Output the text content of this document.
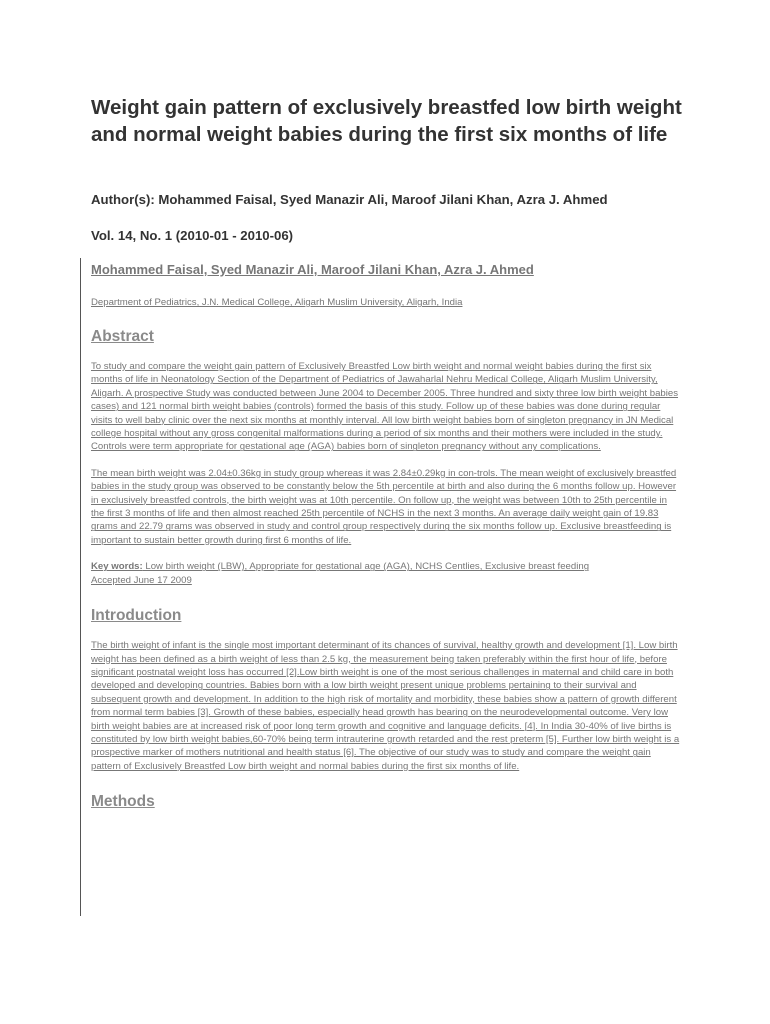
Weight gain pattern of exclusively breastfed low birth weight and normal weight babies during the first six months of life

Author(s): Mohammed Faisal, Syed Manazir Ali, Maroof Jilani Khan, Azra J. Ahmed

Vol. 14, No. 1 (2010-01 - 2010-06)

Mohammed Faisal, Syed Manazir Ali, Maroof Jilani Khan, Azra J. Ahmed
Department of Pediatrics, J.N. Medical College, Aligarh Muslim University, Aligarh, India
Abstract

To study and compare the weight gain pattern of Exclusively Breastfed Low birth weight and normal weight babies during the first six months of life in Neonatology Section of the Department of Pediatrics of Jawaharlal Nehru Medical College, Aligarh Muslim University, Aligarh. A prospective Study was conducted between June 2004 to December 2005. Three hundred and sixty three low birth weight babies cases) and 121 normal birth weight babies (controls) formed the basis of this study. Follow up of these babies was done during regular visits to well baby clinic over the next six months at monthly interval. All low birth weight babies born of singleton pregnancy in JN Medical college hospital without any gross congenital malformations during a period of six months and their mothers were included in the study. Controls were term appropriate for gestational age (AGA) babies born of singleton pregnancy without any complications.

The mean birth weight was 2.04±0.36kg in study group whereas it was 2.84±0.29kg in con-trols. The mean weight of exclusively breastfed babies in the study group was observed to be constantly below the 5th percentile at birth and also during the 6 months follow up. However in exclusively breastfed controls, the birth weight was at 10th percentile. On follow up, the weight was between 10th to 25th percentile in the first 3 months of life and then almost reached 25th percentile of NCHS in the next 3 months. An average daily weight gain of 19.83 grams and 22.79 grams was observed in study and control group respectively during the six months follow up. Exclusive breastfeeding is important to sustain better growth during first 6 months of life.

Key words: Low birth weight (LBW), Appropriate for gestational age (AGA), NCHS Centlies, Exclusive breast feeding
Accepted June 17 2009
Introduction

The birth weight of infant is the single most important determinant of its chances of survival, healthy growth and development [1]. Low birth weight has been defined as a birth weight of less than 2.5 kg, the measurement being taken preferably within the first hour of life, before significant postnatal weight loss has occurred [2].Low birth weight is one of the most serious challenges in maternal and child care in both developed and developing countries. Babies born with a low birth weight present unique problems pertaining to their survival and subsequent growth and development. In addition to the high risk of mortality and morbidity, these babies show a pattern of growth different from normal term babies [3]. Growth of these babies, especially head growth has bearing on the neurodevelopmental outcome. Very low birth weight babies are at increased risk of poor long term growth and cognitive and language deficits. [4]. In India 30-40% of live births is constituted by low birth weight babies,60-70% being term intrauterine growth retarded and the rest preterm [5]. Further low birth weight is a prospective marker of mothers nutritional and health status [6]. The objective of our study was to study and compare the weight gain pattern of Exclusively Breastfed Low birth weight and normal babies during the first six months of life.

Methods
